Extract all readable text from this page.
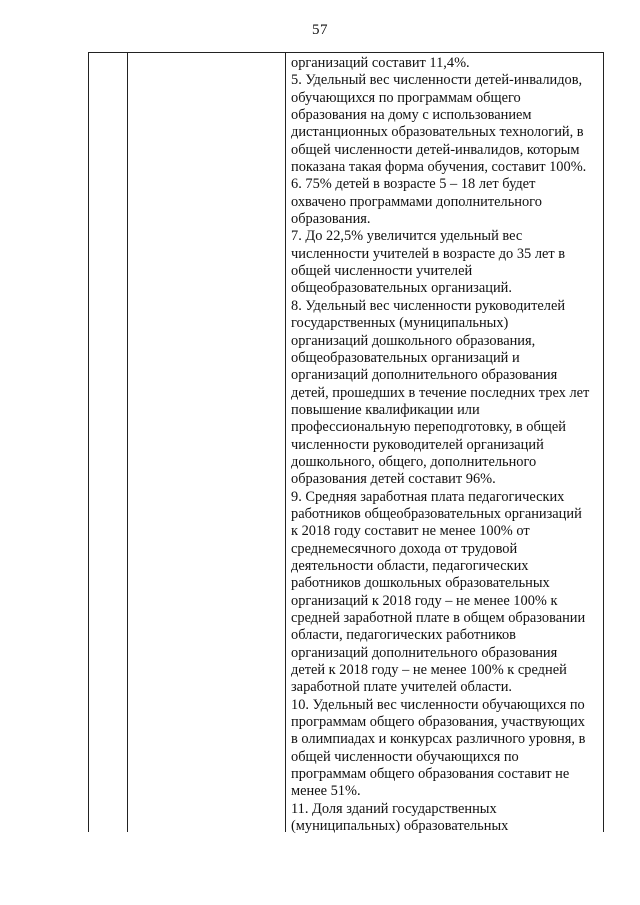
57
организаций составит 11,4%.
5. Удельный вес численности детей-инвалидов,
обучающихся по программам общего
образования на дому с использованием
дистанционных образовательных технологий, в
общей численности детей-инвалидов, которым
показана такая форма обучения, составит 100%.
6. 75% детей в возрасте 5 – 18 лет будет
охвачено программами дополнительного
образования.
7. До 22,5% увеличится удельный вес
численности учителей в возрасте до 35 лет в
общей численности учителей
общеобразовательных организаций.
8. Удельный вес численности руководителей
государственных (муниципальных)
организаций дошкольного образования,
общеобразовательных организаций и
организаций дополнительного образования
детей, прошедших в течение последних трех лет
повышение квалификации или
профессиональную переподготовку, в общей
численности руководителей организаций
дошкольного, общего, дополнительного
образования детей составит 96%.
9. Средняя заработная плата педагогических
работников общеобразовательных организаций
к 2018 году составит не менее 100% от
среднемесячного дохода от трудовой
деятельности области, педагогических
работников дошкольных образовательных
организаций к 2018 году – не менее 100% к
средней заработной плате в общем образовании
области, педагогических работников
организаций дополнительного образования
детей к 2018 году – не менее 100% к средней
заработной плате учителей области.
10. Удельный вес численности обучающихся по
программам общего образования, участвующих
в олимпиадах и конкурсах различного уровня, в
общей численности обучающихся по
программам общего образования составит не
менее 51%.
11. Доля зданий государственных
(муниципальных) образовательных
